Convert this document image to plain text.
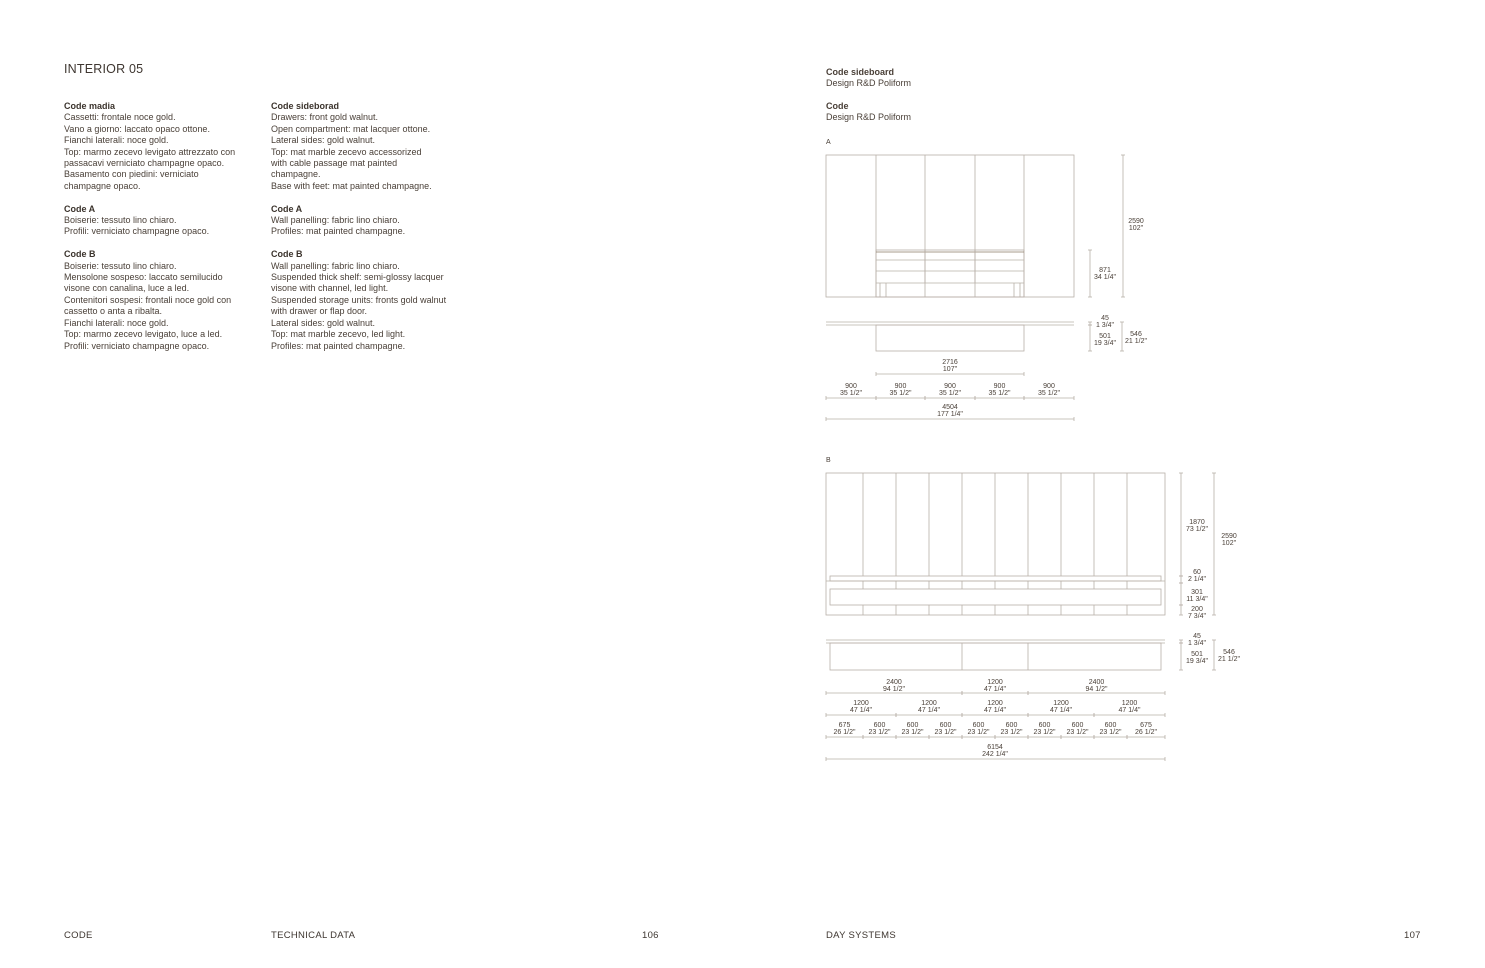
INTERIOR 05
Code madia
Cassetti: frontale noce gold.
Vano a giorno: laccato opaco ottone.
Fianchi laterali: noce gold.
Top: marmo zecevo levigato attrezzato con
passacavi verniciato champagne opaco.
Basamento con piedini: verniciato
champagne opaco.
Code A
Boiserie: tessuto lino chiaro.
Profili: verniciato champagne opaco.
Code B
Boiserie: tessuto lino chiaro.
Mensolone sospeso: laccato semilucido
visone con canalina, luce a led.
Contenitori sospesi: frontali noce gold con
cassetto o anta a ribalta.
Fianchi laterali: noce gold.
Top: marmo zecevo levigato, luce a led.
Profili: verniciato champagne opaco.
Code sideborad
Drawers: front gold walnut.
Open compartment: mat lacquer ottone.
Lateral sides: gold walnut.
Top: mat marble zecevo accessorized
with cable passage mat painted
champagne.
Base with feet: mat painted champagne.
Code A
Wall panelling: fabric lino chiaro.
Profiles: mat painted champagne.
Code B
Wall panelling: fabric lino chiaro.
Suspended thick shelf: semi-glossy lacquer
visone with channel, led light.
Suspended storage units: fronts gold walnut
with drawer or flap door.
Lateral sides: gold walnut.
Top: mat marble zecevo, led light.
Profiles: mat painted champagne.
Code sideboard
Design R&D Poliform
Code
Design R&D Poliform
A
2590
102"
871
34 1/4"
45
1 3/4"
501
19 3/4"
546
21 1/2"
2716
107"
900
35 1/2"
900
35 1/2"
900
35 1/2"
900
35 1/2"
900
35 1/2"
4504
177 1/4"
B
1870
73 1/2"
2590
102"
60
2 1/4"
301
11 3/4"
200
7 3/4"
45
1 3/4"
501
19 3/4"
546
21 1/2"
2400
94 1/2"
1200
47 1/4"
2400
94 1/2"
1200
47 1/4"
1200
47 1/4"
1200
47 1/4"
1200
47 1/4"
1200
47 1/4"
675
26 1/2"
600
23 1/2"
600
23 1/2"
600
23 1/2"
600
23 1/2"
600
23 1/2"
600
23 1/2"
600
23 1/2"
600
23 1/2"
675
26 1/2"
6154
242 1/4"
CODE	TECHNICAL DATA	106	DAY SYSTEMS	107
